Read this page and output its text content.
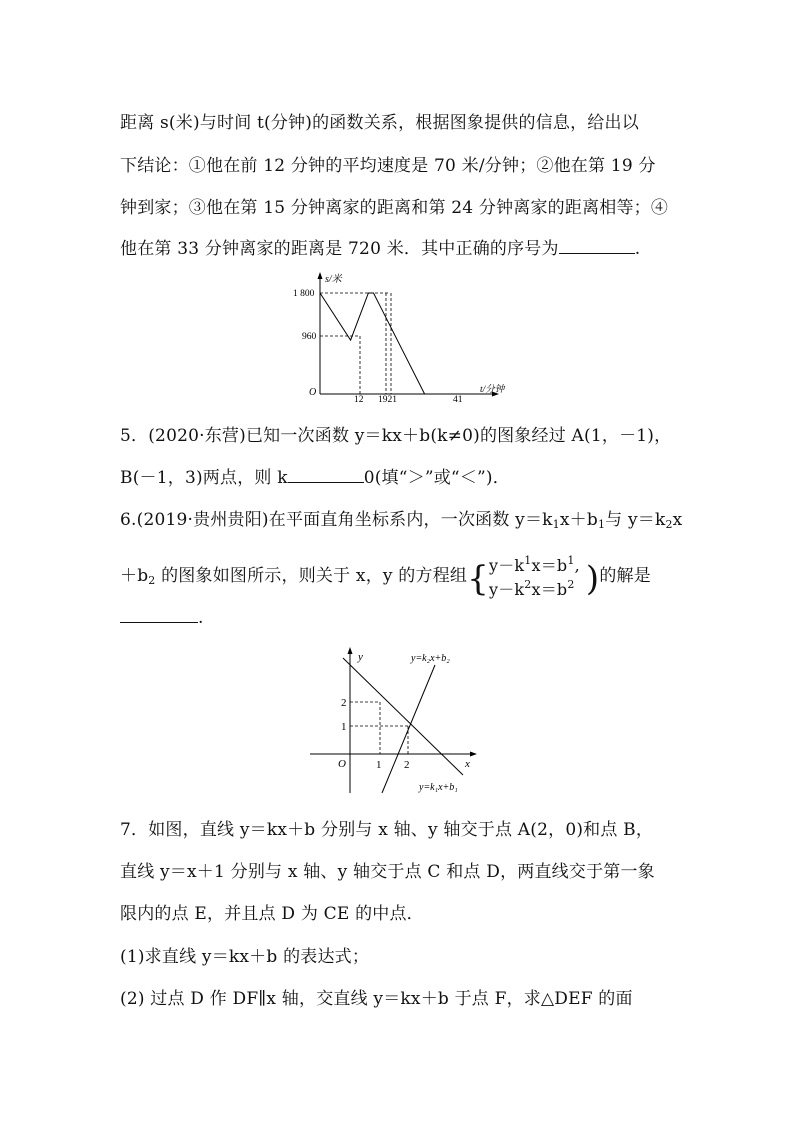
距离 s(米)与时间 t(分钟)的函数关系，根据图象提供的信息，给出以
下结论：①他在前 12 分钟的平均速度是 70 米/分钟；②他在第 19 分
钟到家；③他在第 15 分钟离家的距离和第 24 分钟离家的距离相等；④
他在第 33 分钟离家的距离是 720 米．其中正确的序号为	.
s/米
t/分钟
O
1 800
960
12 1921	41
5．(2020·东营)已知一次函数 y＝kx＋b(k≠0)的图象经过 A(1，－1)，
B(－1，3)两点，则 k	0(填“＞”或“＜”)．
6.(2019·贵州贵阳)在平面直角坐标系内，一次函数 $y=k_1x+b_1$与 $y=k_2x$
$+b_2$ 的图象如图所示，则关于 x，y 的方程组{$y-k^1x=b^1$,
$y-k^2x=b^2$ )的解是
.
y
x
O
2
1
1 2
y=k₂x+b₂
y=k₁x+b₁
7．如图，直线 y＝kx＋b 分别与 x 轴、y 轴交于点 A(2，0)和点 B，
直线 y＝x＋1 分别与 x 轴、y 轴交于点 C 和点 D，两直线交于第一象
限内的点 E，并且点 D 为 CE 的中点．
(1)求直线 y＝kx＋b 的表达式；
(2) 过点 D 作 DF∥x 轴，交直线 y＝kx＋b 于点 F，求△DEF 的面
